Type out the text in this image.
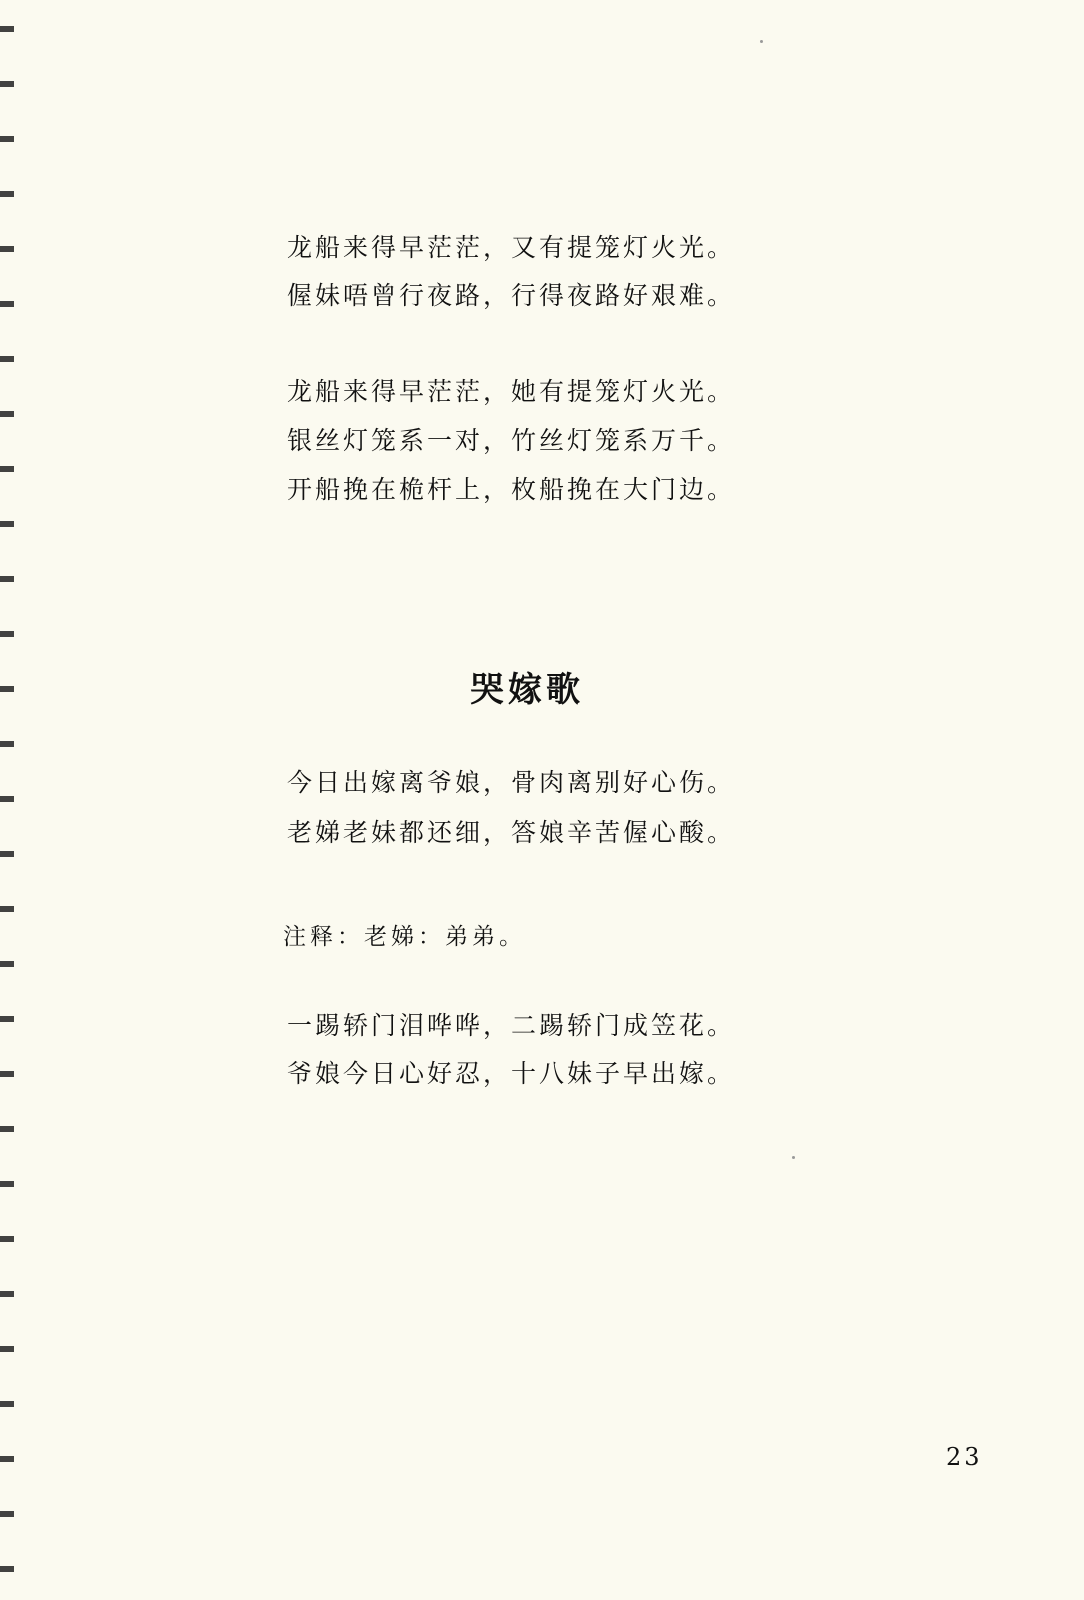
龙船来得早茫茫，又有提笼灯火光。
偓妹唔曾行夜路，行得夜路好艰难。
龙船来得早茫茫，她有提笼灯火光。
银丝灯笼系一对，竹丝灯笼系万千。
开船挽在桅杆上，枚船挽在大门边。
哭嫁歌
今日出嫁离爷娘，骨肉离别好心伤。
老娣老妹都还细，答娘辛苦偓心酸。
注释：老娣：弟弟。
一踢轿门泪哗哗，二踢轿门成笠花。
爷娘今日心好忍，十八妹子早出嫁。
23
